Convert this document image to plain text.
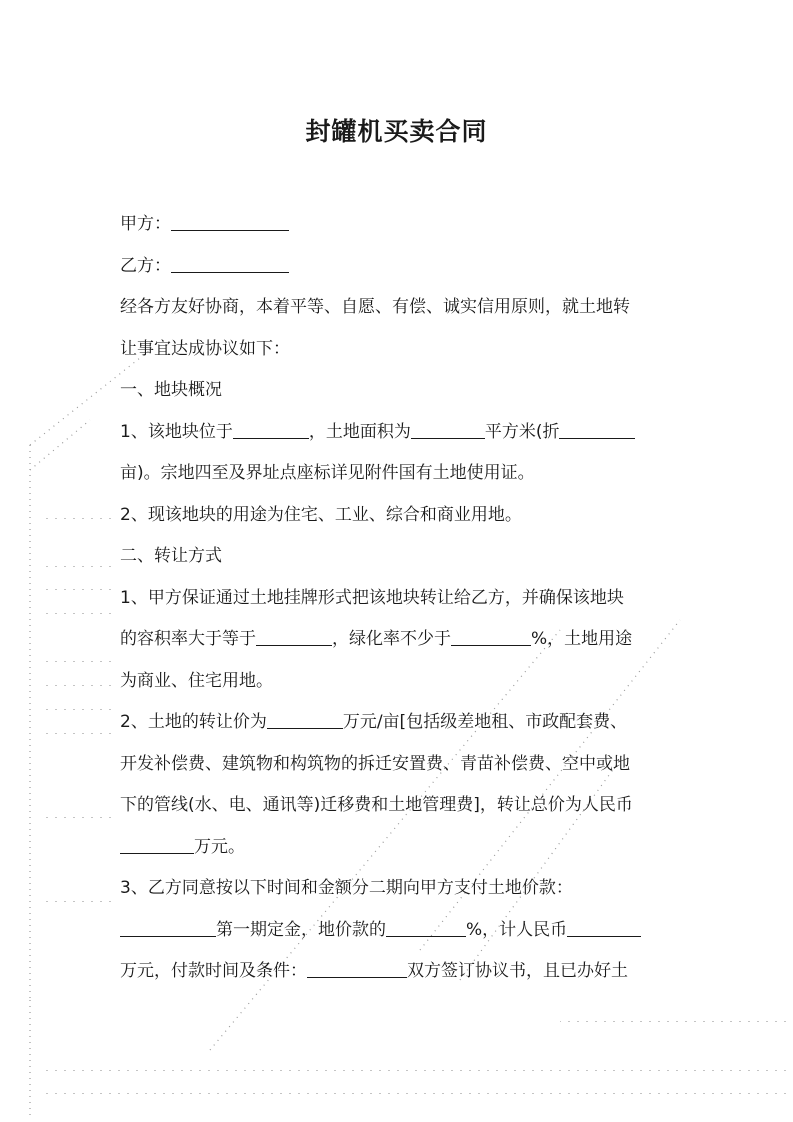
封罐机买卖合同
甲方：
乙方：
经各方友好协商，本着平等、自愿、有偿、诚实信用原则，就土地转
让事宜达成协议如下：
一、地块概况
1、该地块位于	，土地面积为	平方米(折
亩)。宗地四至及界址点座标详见附件国有土地使用证。
2、现该地块的用途为住宅、工业、综合和商业用地。
二、转让方式
1、甲方保证通过土地挂牌形式把该地块转让给乙方，并确保该地块
的容积率大于等于	，绿化率不少于	%，土地用途
为商业、住宅用地。
2、土地的转让价为	万元/亩[包括级差地租、市政配套费、
开发补偿费、建筑物和构筑物的拆迁安置费、青苗补偿费、空中或地
下的管线(水、电、通讯等)迁移费和土地管理费]，转让总价为人民币
万元。
3、乙方同意按以下时间和金额分二期向甲方支付土地价款：
第一期定金，地价款的	%，计人民币
万元，付款时间及条件：	双方签订协议书，且已办好土
